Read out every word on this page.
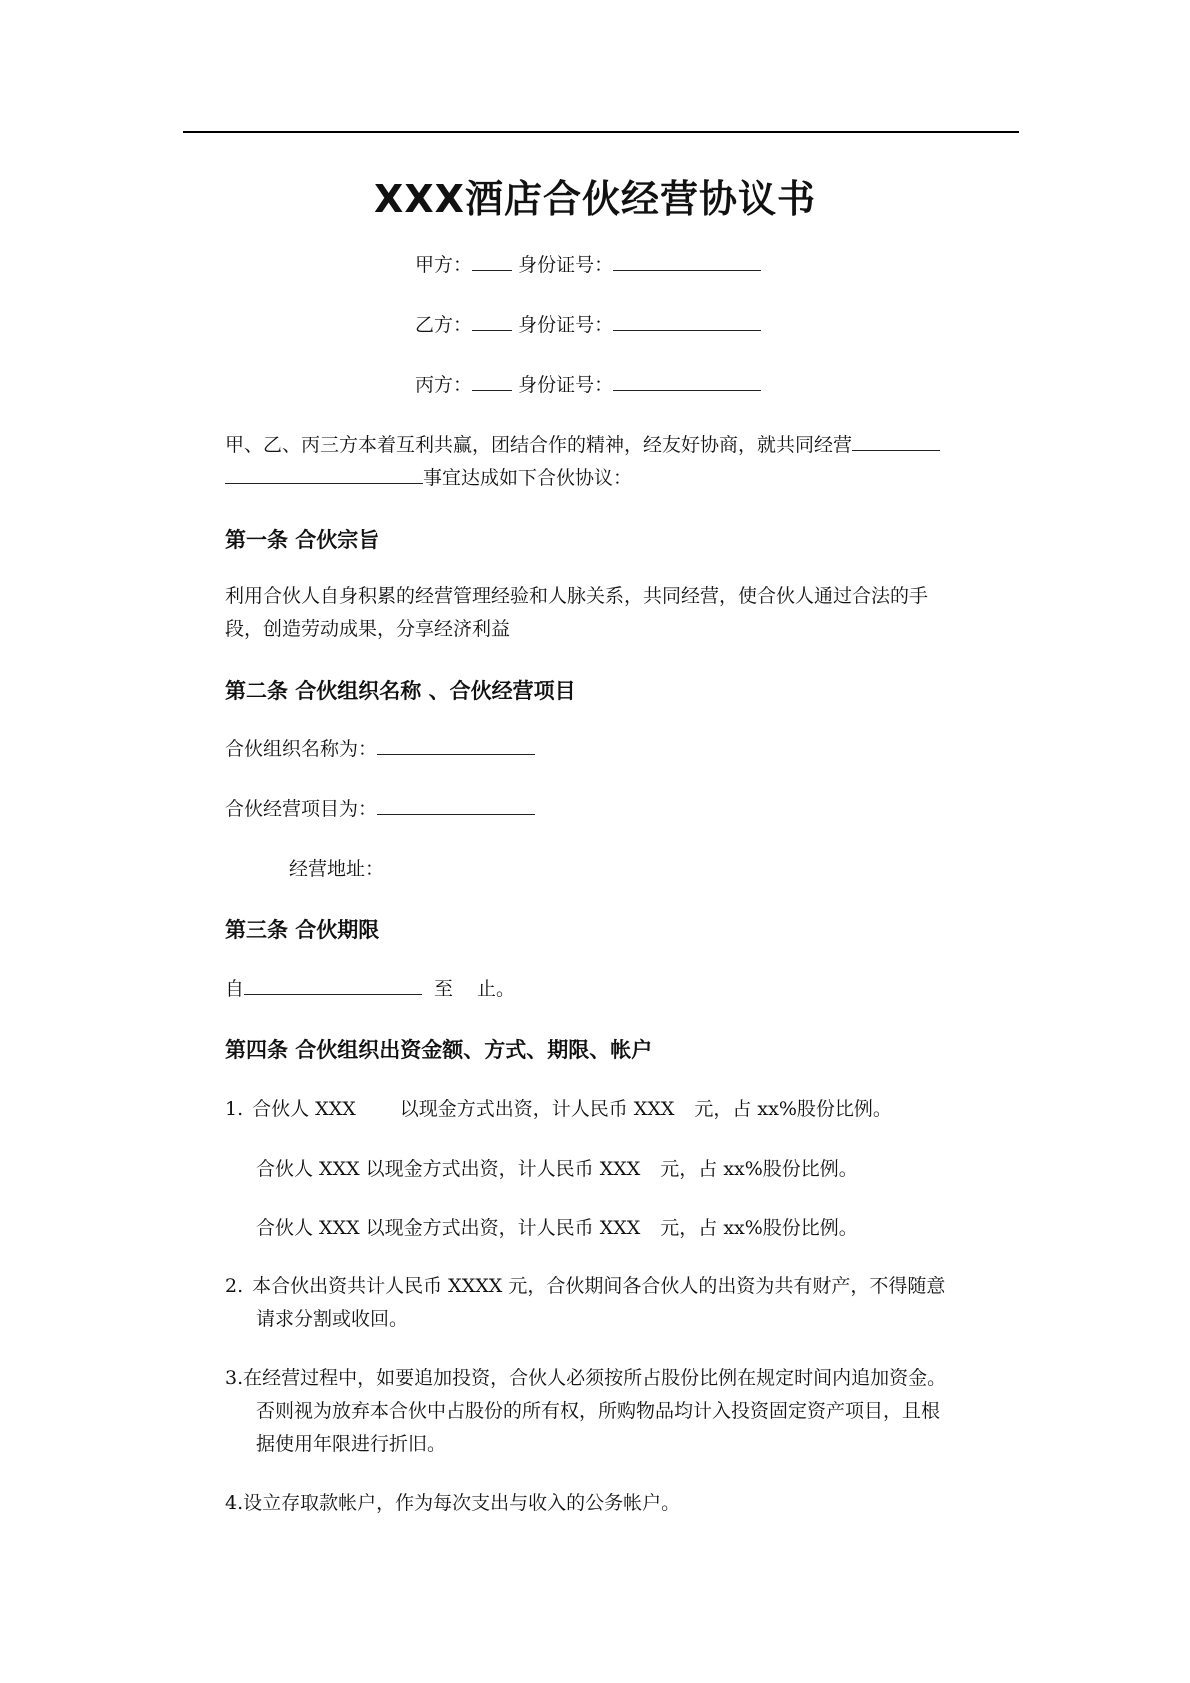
XXX酒店合伙经营协议书
甲方： 身份证号：
乙方： 身份证号：
丙方： 身份证号：
甲、乙、丙三方本着互利共赢，团结合作的精神，经友好协商，就共同经营
事宜达成如下合伙协议：
第一条 合伙宗旨
利用合伙人自身积累的经营管理经验和人脉关系，共同经营，使合伙人通过合法的手
段，创造劳动成果，分享经济利益
第二条 合伙组织名称 、合伙经营项目
合伙组织名称为：
合伙经营项目为：
经营地址：
第三条 合伙期限
自	至 止。
第四条 合伙组织出资金额、方式、期限、帐户
1. 合伙人 XXX 以现金方式出资，计人民币 XXX 元，占 xx%股份比例。
合伙人 XXX 以现金方式出资，计人民币 XXX 元，占 xx%股份比例。
合伙人 XXX 以现金方式出资，计人民币 XXX 元，占 xx%股份比例。
2. 本合伙出资共计人民币 XXXX 元，合伙期间各合伙人的出资为共有财产，不得随意
请求分割或收回。
3.在经营过程中，如要追加投资，合伙人必须按所占股份比例在规定时间内追加资金。
否则视为放弃本合伙中占股份的所有权，所购物品均计入投资固定资产项目，且根
据使用年限进行折旧。
4.设立存取款帐户，作为每次支出与收入的公务帐户。
